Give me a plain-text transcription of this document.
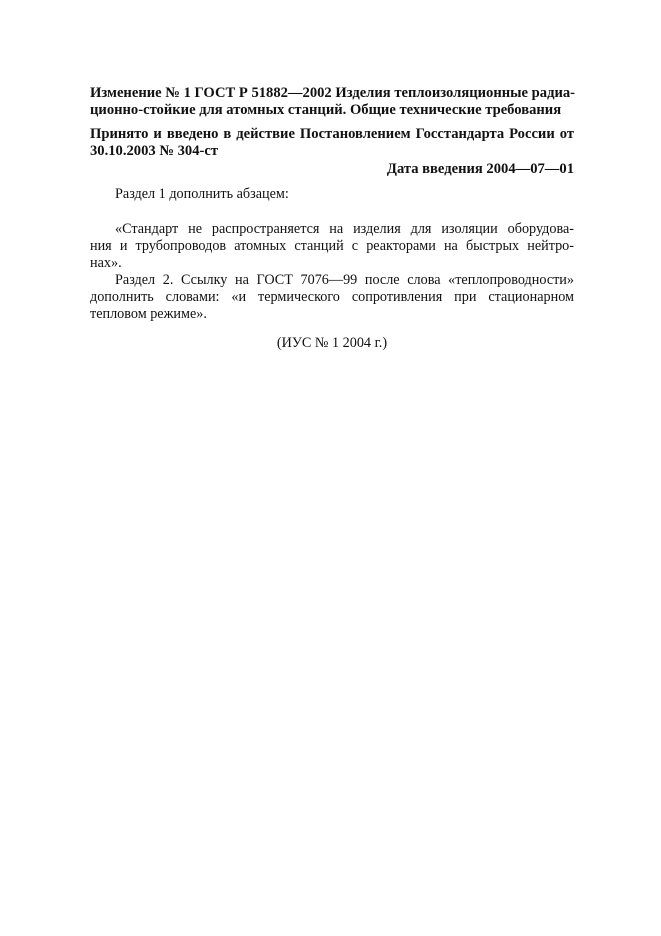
Изменение № 1 ГОСТ Р 51882—2002 Изделия теплоизоляционные радиа-
ционно-стойкие для атомных станций. Общие технические требования
Принято и введено в действие Постановлением Госстандарта России от
30.10.2003 № 304-ст
Дата введения 2004—07—01
Раздел 1 дополнить абзацем:
«Стандарт не распространяется на изделия для изоляции оборудова-
ния и трубопроводов атомных станций с реакторами на быстрых нейтро-
нах».
Раздел 2. Ссылку на ГОСТ 7076—99 после слова «теплопроводности»
дополнить словами: «и термического сопротивления при стационарном
тепловом режиме».
(ИУС № 1 2004 г.)
